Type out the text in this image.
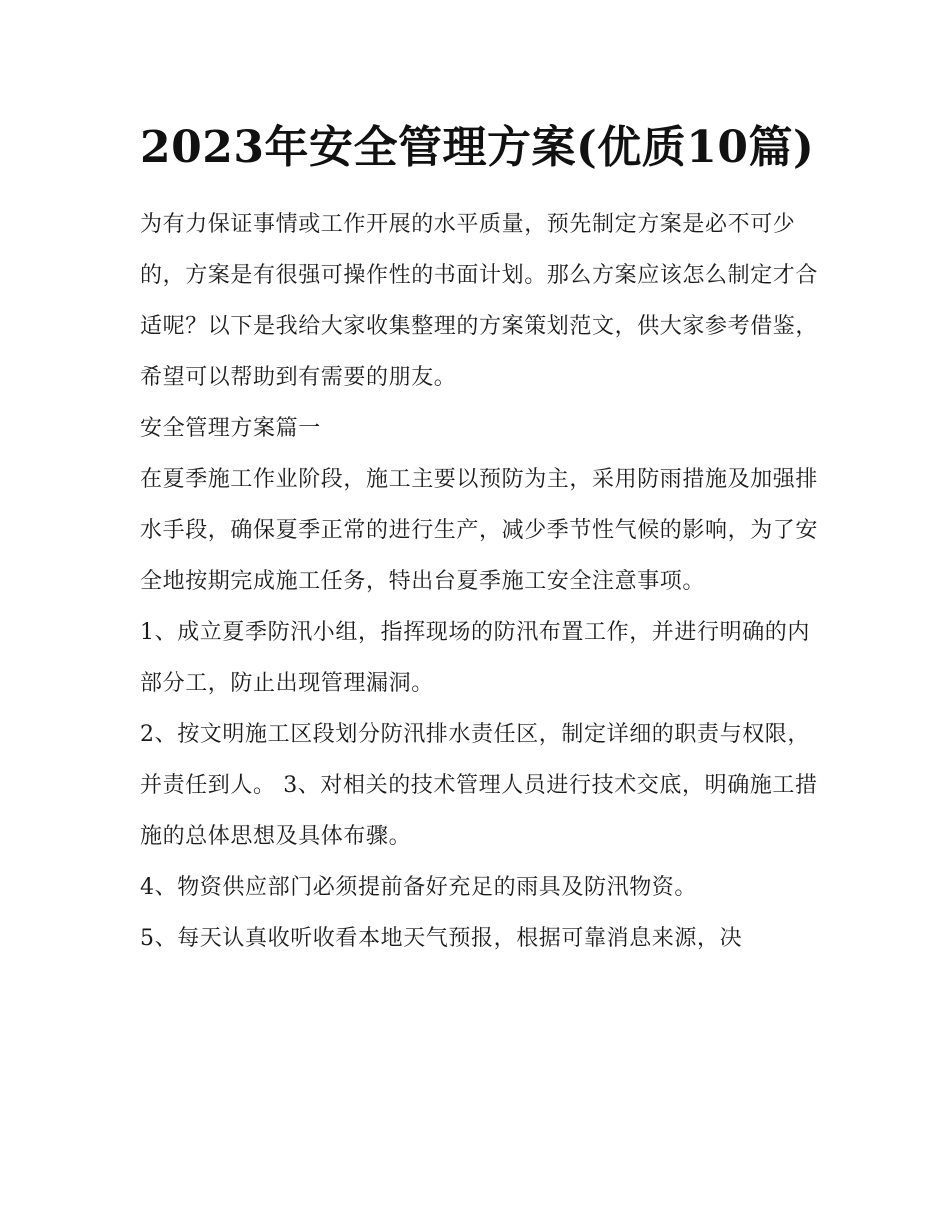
2023年安全管理方案(优质10篇)

为有力保证事情或工作开展的水平质量，预先制定方案是必不可少的，方案是有很强可操作性的书面计划。那么方案应该怎么制定才合适呢？以下是我给大家收集整理的方案策划范文，供大家参考借鉴，希望可以帮助到有需要的朋友。

安全管理方案篇一

在夏季施工作业阶段，施工主要以预防为主，采用防雨措施及加强排水手段，确保夏季正常的进行生产，减少季节性气候的影响，为了安全地按期完成施工任务，特出台夏季施工安全注意事项。

1、成立夏季防汛小组，指挥现场的防汛布置工作，并进行明确的内部分工，防止出现管理漏洞。

2、按文明施工区段划分防汛排水责任区，制定详细的职责与权限，并责任到人。 3、对相关的技术管理人员进行技术交底，明确施工措施的总体思想及具体布骤。

4、物资供应部门必须提前备好充足的雨具及防汛物资。

5、每天认真收听收看本地天气预报，根据可靠消息来源，决
